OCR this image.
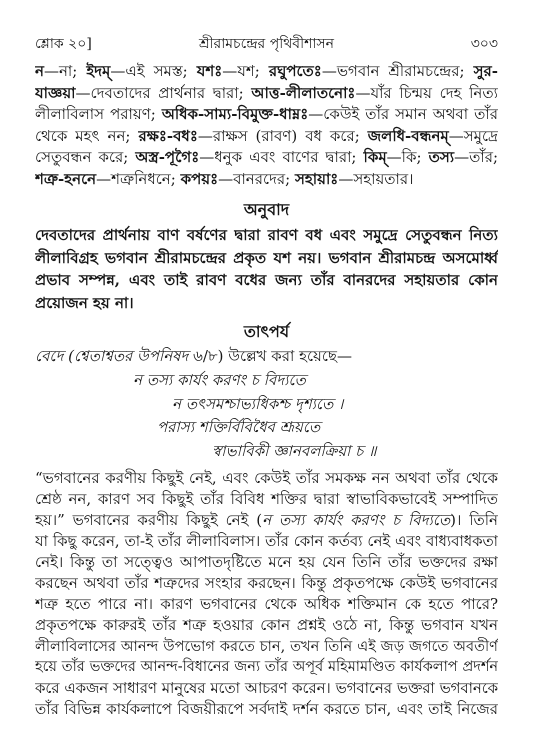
শ্লোক ২০]	শ্রীরামচন্দ্রের পৃথিবীশাসন	৩০৩
ন—না; ইদম্—এই সমস্ত; যশঃ—যশ; রঘুপতেঃ—ভগবান শ্রীরামচন্দ্রের; সুর-
যাজ্ঞয়া—দেবতাদের প্রার্থনার দ্বারা; আত্ত-লীলাতনোঃ—যাঁর চিন্ময় দেহ নিত্য
লীলাবিলাস পরায়ণ; অধিক-সাম্য-বিমুক্ত-ধাম্নঃ—কেউই তাঁর সমান অথবা তাঁর
থেকে মহৎ নন; রক্ষঃ-বধঃ—রাক্ষস (রাবণ) বধ করে; জলধি-বন্ধনম্—সমুদ্রে
সেতুবন্ধন করে; অস্ত্র-পূগৈঃ—ধনুক এবং বাণের দ্বারা; কিম্—কি; তস্য—তাঁর;
শত্রু-হননে—শত্রুনিধনে; কপয়ঃ—বানরদের; সহায়াঃ—সহায়তার।
অনুবাদ
দেবতাদের প্রার্থনায় বাণ বর্ষণের দ্বারা রাবণ বধ এবং সমুদ্রে সেতুবন্ধন নিত্য
লীলাবিগ্রহ ভগবান শ্রীরামচন্দ্রের প্রকৃত যশ নয়। ভগবান শ্রীরামচন্দ্র অসমোর্ধ্ব
প্রভাব সম্পন্ন, এবং তাই রাবণ বধের জন্য তাঁর বানরদের সহায়তার কোন
প্রয়োজন হয় না।
তাৎপর্য
বেদে (শ্বেতাশ্বতর উপনিষদ ৬/৮) উল্লেখ করা হয়েছে—
ন তস্য কার্যং করণং চ বিদ্যতে
ন তৎসমশ্চাভ্যধিকশ্চ দৃশ্যতে ।
পরাস্য শক্তির্বিবিধৈব শ্রূয়তে
স্বাভাবিকী জ্ঞানবলক্রিয়া চ ॥
“ভগবানের করণীয় কিছুই নেই, এবং কেউই তাঁর সমকক্ষ নন অথবা তাঁর থেকে
শ্রেষ্ঠ নন, কারণ সব কিছুই তাঁর বিবিধ শক্তির দ্বারা স্বাভাবিকভাবেই সম্পাদিত
হয়।” ভগবানের করণীয় কিছুই নেই (ন তস্য কার্যং করণং চ বিদ্যতে)। তিনি
যা কিছু করেন, তা-ই তাঁর লীলাবিলাস। তাঁর কোন কর্তব্য নেই এবং বাধ্যবাধকতা
নেই। কিন্তু তা সত্ত্বেও আপাতদৃষ্টিতে মনে হয় যেন তিনি তাঁর ভক্তদের রক্ষা
করছেন অথবা তাঁর শত্রুদের সংহার করছেন। কিন্তু প্রকৃতপক্ষে কেউই ভগবানের
শত্রু হতে পারে না। কারণ ভগবানের থেকে অধিক শক্তিমান কে হতে পারে?
প্রকৃতপক্ষে কারুরই তাঁর শত্রু হওয়ার কোন প্রশ্নই ওঠে না, কিন্তু ভগবান যখন
লীলাবিলাসের আনন্দ উপভোগ করতে চান, তখন তিনি এই জড় জগতে অবতীর্ণ
হয়ে তাঁর ভক্তদের আনন্দ-বিধানের জন্য তাঁর অপূর্ব মহিমামণ্ডিত কার্যকলাপ প্রদর্শন
করে একজন সাধারণ মানুষের মতো আচরণ করেন। ভগবানের ভক্তরা ভগবানকে
তাঁর বিভিন্ন কার্যকলাপে বিজয়ীরূপে সর্বদাই দর্শন করতে চান, এবং তাই নিজের
